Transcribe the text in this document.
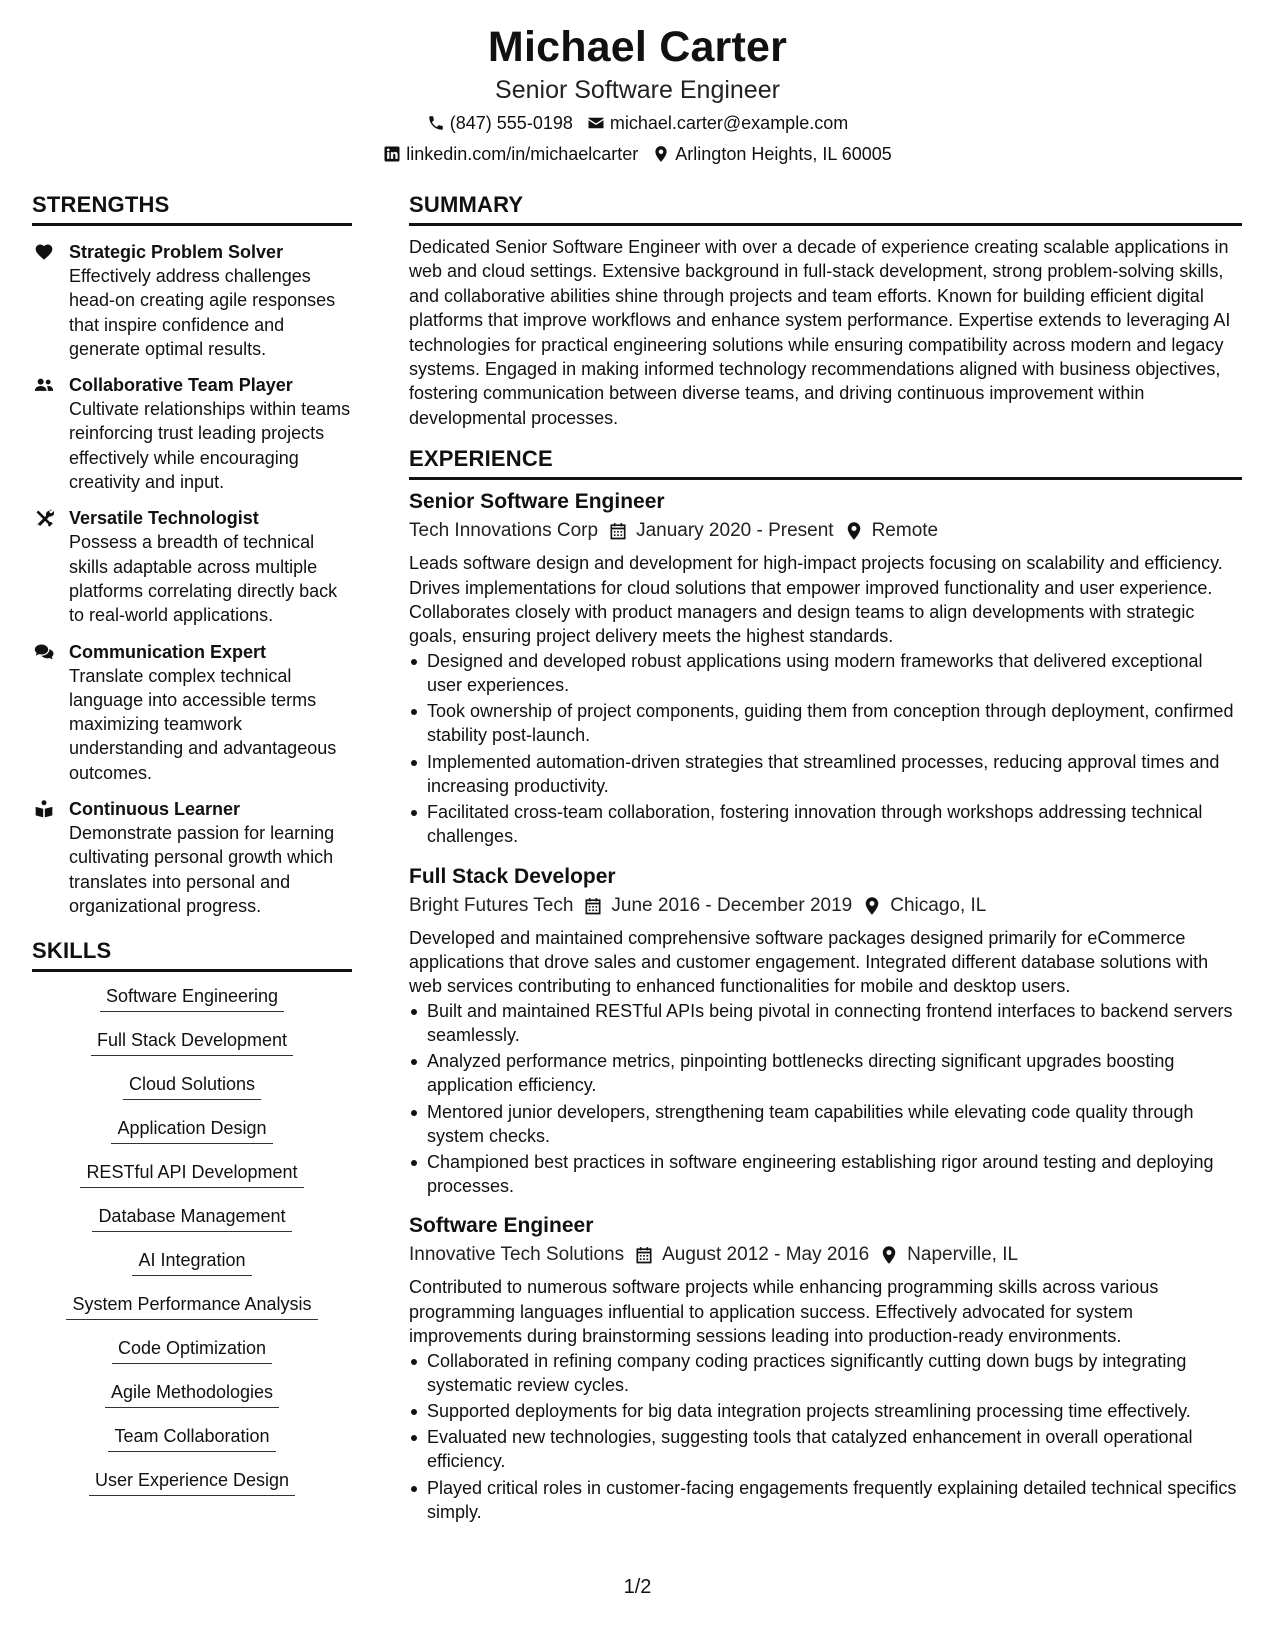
Michael Carter
Senior Software Engineer
(847) 555-0198 michael.carter@example.com
linkedin.com/in/michaelcarter Arlington Heights, IL 60005
STRENGTHS
Strategic Problem Solver
Effectively address challenges head-on creating agile responses that inspire confidence and generate optimal results.
Collaborative Team Player
Cultivate relationships within teams reinforcing trust leading projects effectively while encouraging creativity and input.
Versatile Technologist
Possess a breadth of technical skills adaptable across multiple platforms correlating directly back to real-world applications.
Communication Expert
Translate complex technical language into accessible terms maximizing teamwork understanding and advantageous outcomes.
Continuous Learner
Demonstrate passion for learning cultivating personal growth which translates into personal and organizational progress.
SKILLS
Software Engineering
Full Stack Development
Cloud Solutions
Application Design
RESTful API Development
Database Management
AI Integration
System Performance Analysis
Code Optimization
Agile Methodologies
Team Collaboration
User Experience Design
SUMMARY
Dedicated Senior Software Engineer with over a decade of experience creating scalable applications in web and cloud settings. Extensive background in full-stack development, strong problem-solving skills, and collaborative abilities shine through projects and team efforts. Known for building efficient digital platforms that improve workflows and enhance system performance. Expertise extends to leveraging AI technologies for practical engineering solutions while ensuring compatibility across modern and legacy systems. Engaged in making informed technology recommendations aligned with business objectives, fostering communication between diverse teams, and driving continuous improvement within developmental processes.
EXPERIENCE
Senior Software Engineer
Tech Innovations Corp January 2020 - Present Remote
Leads software design and development for high-impact projects focusing on scalability and efficiency. Drives implementations for cloud solutions that empower improved functionality and user experience. Collaborates closely with product managers and design teams to align developments with strategic goals, ensuring project delivery meets the highest standards.
Designed and developed robust applications using modern frameworks that delivered exceptional user experiences.
Took ownership of project components, guiding them from conception through deployment, confirmed stability post-launch.
Implemented automation-driven strategies that streamlined processes, reducing approval times and increasing productivity.
Facilitated cross-team collaboration, fostering innovation through workshops addressing technical challenges.
Full Stack Developer
Bright Futures Tech June 2016 - December 2019 Chicago, IL
Developed and maintained comprehensive software packages designed primarily for eCommerce applications that drove sales and customer engagement. Integrated different database solutions with web services contributing to enhanced functionalities for mobile and desktop users.
Built and maintained RESTful APIs being pivotal in connecting frontend interfaces to backend servers seamlessly.
Analyzed performance metrics, pinpointing bottlenecks directing significant upgrades boosting application efficiency.
Mentored junior developers, strengthening team capabilities while elevating code quality through system checks.
Championed best practices in software engineering establishing rigor around testing and deploying processes.
Software Engineer
Innovative Tech Solutions August 2012 - May 2016 Naperville, IL
Contributed to numerous software projects while enhancing programming skills across various programming languages influential to application success. Effectively advocated for system improvements during brainstorming sessions leading into production-ready environments.
Collaborated in refining company coding practices significantly cutting down bugs by integrating systematic review cycles.
Supported deployments for big data integration projects streamlining processing time effectively.
Evaluated new technologies, suggesting tools that catalyzed enhancement in overall operational efficiency.
Played critical roles in customer-facing engagements frequently explaining detailed technical specifics simply.
1/2
